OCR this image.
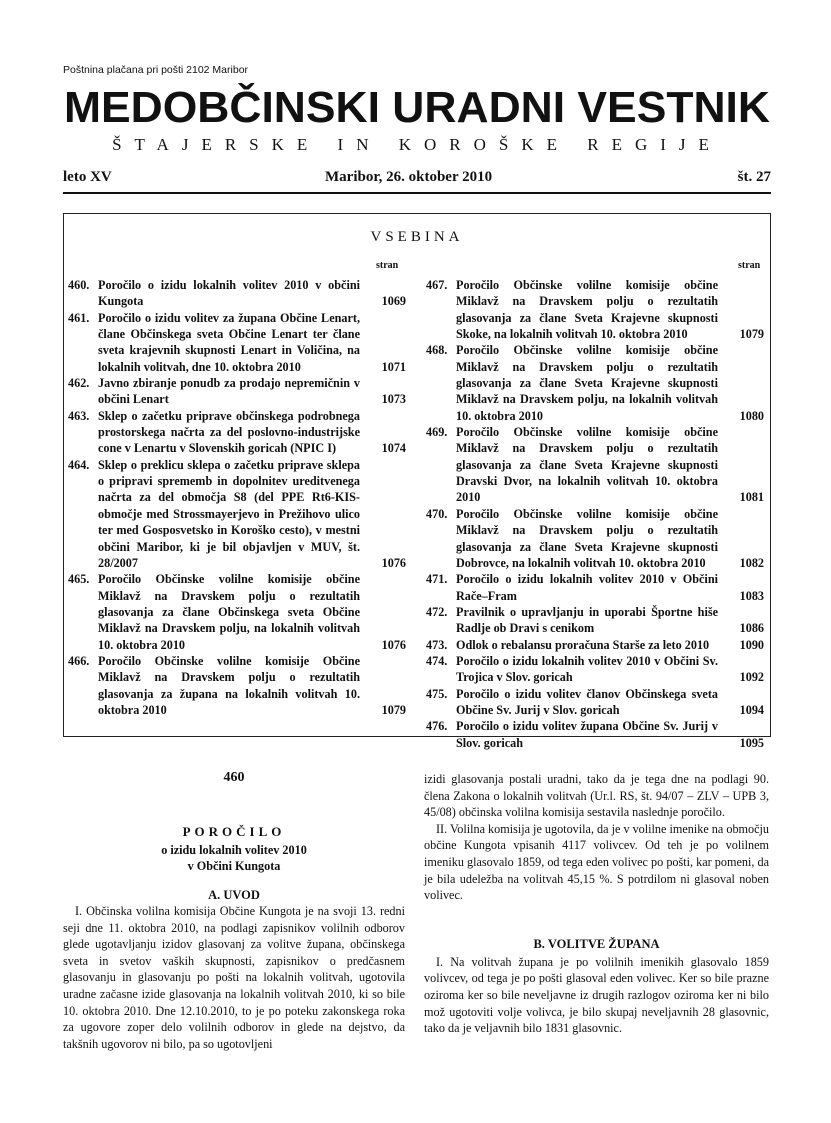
Poštnina plačana pri pošti 2102 Maribor
MEDOBČINSKI URADNI VESTNIK
ŠTAJERSKE IN KOROŠKE REGIJE
leto XV	Maribor, 26. oktober 2010	št. 27
VSEBINA
stran	stran
460. Poročilo o izidu lokalnih volitev 2010 v občini Kungota	1069
461. Poročilo o izidu volitev za župana Občine Lenart, člane Občinskega sveta Občine Lenart ter člane sveta krajevnih skupnosti Lenart in Voličina, na lokalnih volitvah, dne 10. oktobra 2010	1071
462. Javno zbiranje ponudb za prodajo nepremičnin v občini Lenart	1073
463. Sklep o začetku priprave občinskega podrobnega prostorskega načrta za del poslovno-industrijske cone v Lenartu v Slovenskih goricah (NPIC I)	1074
464. Sklep o preklicu sklepa o začetku priprave sklepa o pripravi sprememb in dopolnitev ureditvenega načrta za del območja S8 (del PPE Rt6-KIS- območje med Strossmayerjevo in Prežihovo ulico ter med Gosposvetsko in Koroško cesto), v mestni občini Maribor, ki je bil objavljen v MUV, št. 28/2007	1076
465. Poročilo Občinske volilne komisije občine Miklavž na Dravskem polju o rezultatih glasovanja za člane Občinskega sveta Občine Miklavž na Dravskem polju, na lokalnih volitvah 10. oktobra 2010	1076
466. Poročilo Občinske volilne komisije Občine Miklavž na Dravskem polju o rezultatih glasovanja za župana na lokalnih volitvah 10. oktobra 2010	1079
467. Poročilo Občinske volilne komisije občine Miklavž na Dravskem polju o rezultatih glasovanja za člane Sveta Krajevne skupnosti Skoke, na lokalnih volitvah 10. oktobra 2010	1079
468. Poročilo Občinske volilne komisije občine Miklavž na Dravskem polju o rezultatih glasovanja za člane Sveta Krajevne skupnosti Miklavž na Dravskem polju, na lokalnih volitvah 10. oktobra 2010	1080
469. Poročilo Občinske volilne komisije občine Miklavž na Dravskem polju o rezultatih glasovanja za člane Sveta Krajevne skupnosti Dravski Dvor, na lokalnih volitvah 10. oktobra 2010	1081
470. Poročilo Občinske volilne komisije občine Miklavž na Dravskem polju o rezultatih glasovanja za člane Sveta Krajevne skupnosti Dobrovce, na lokalnih volitvah 10. oktobra 2010	1082
471. Poročilo o izidu lokalnih volitev 2010 v Občini Rače–Fram	1083
472. Pravilnik o upravljanju in uporabi Športne hiše Radlje ob Dravi s cenikom	1086
473. Odlok o rebalansu proračuna Starše za leto 2010	1090
474. Poročilo o izidu lokalnih volitev 2010 v Občini Sv. Trojica v Slov. goricah	1092
475. Poročilo o izidu volitev članov Občinskega sveta Občine Sv. Jurij v Slov. goricah	1094
476. Poročilo o izidu volitev župana Občine Sv. Jurij v Slov. goricah	1095
460
POROČILO
o izidu lokalnih volitev 2010
v Občini Kungota
A. UVOD

I. Občinska volilna komisija Občine Kungota je na svoji 13. redni seji dne 11. oktobra 2010, na podlagi zapisnikov volilnih odborov glede ugotavljanju izidov glasovanj za volitve župana, občinskega sveta in svetov vaških skupnosti, zapisnikov o predčasnem glasovanju in glasovanju po pošti na lokalnih volitvah, ugotovila uradne začasne izide glasovanja na lokalnih volitvah 2010, ki so bile 10. oktobra 2010. Dne 12.10.2010, to je po poteku zakonskega roka za ugovore zoper delo volilnih odborov in glede na dejstvo, da takšnih ugovorov ni bilo, pa so ugotovljeni

izidi glasovanja postali uradni, tako da je tega dne na podlagi 90. člena Zakona o lokalnih volitvah (Ur.l. RS, št. 94/07 – ZLV – UPB 3, 45/08) občinska volilna komisija sestavila naslednje poročilo.

II. Volilna komisija je ugotovila, da je v volilne imenike na območju občine Kungota vpisanih 4117 volivcev. Od teh je po volilnem imeniku glasovalo 1859, od tega eden volivec po pošti, kar pomeni, da je bila udeležba na volitvah 45,15 %. S potrdilom ni glasoval noben volivec.

B. VOLITVE ŽUPANA

I. Na volitvah župana je po volilnih imenikih glasovalo 1859 volivcev, od tega je po pošti glasoval eden volivec. Ker so bile prazne oziroma ker so bile neveljavne iz drugih razlogov oziroma ker ni bilo mož ugotoviti volje volivca, je bilo skupaj neveljavnih 28 glasovnic, tako da je veljavnih bilo 1831 glasovnic.
